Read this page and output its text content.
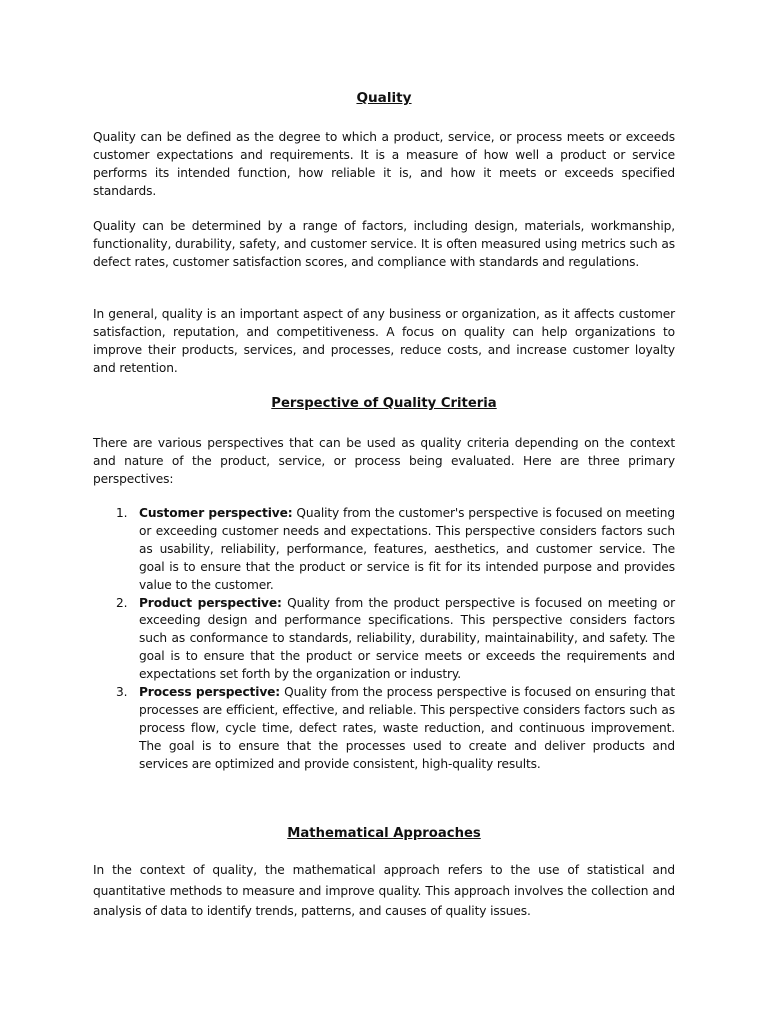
Quality

Quality can be defined as the degree to which a product, service, or process meets or exceeds customer expectations and requirements. It is a measure of how well a product or service performs its intended function, how reliable it is, and how it meets or exceeds specified standards.

Quality can be determined by a range of factors, including design, materials, workmanship, functionality, durability, safety, and customer service. It is often measured using metrics such as defect rates, customer satisfaction scores, and compliance with standards and regulations.

In general, quality is an important aspect of any business or organization, as it affects customer satisfaction, reputation, and competitiveness. A focus on quality can help organizations to improve their products, services, and processes, reduce costs, and increase customer loyalty and retention.

Perspective of Quality Criteria

There are various perspectives that can be used as quality criteria depending on the context and nature of the product, service, or process being evaluated. Here are three primary perspectives:

1. Customer perspective: Quality from the customer's perspective is focused on meeting or exceeding customer needs and expectations. This perspective considers factors such as usability, reliability, performance, features, aesthetics, and customer service. The goal is to ensure that the product or service is fit for its intended purpose and provides value to the customer.
2. Product perspective: Quality from the product perspective is focused on meeting or exceeding design and performance specifications. This perspective considers factors such as conformance to standards, reliability, durability, maintainability, and safety. The goal is to ensure that the product or service meets or exceeds the requirements and expectations set forth by the organization or industry.
3. Process perspective: Quality from the process perspective is focused on ensuring that processes are efficient, effective, and reliable. This perspective considers factors such as process flow, cycle time, defect rates, waste reduction, and continuous improvement. The goal is to ensure that the processes used to create and deliver products and services are optimized and provide consistent, high-quality results.
Mathematical Approaches

In the context of quality, the mathematical approach refers to the use of statistical and quantitative methods to measure and improve quality. This approach involves the collection and analysis of data to identify trends, patterns, and causes of quality issues.
